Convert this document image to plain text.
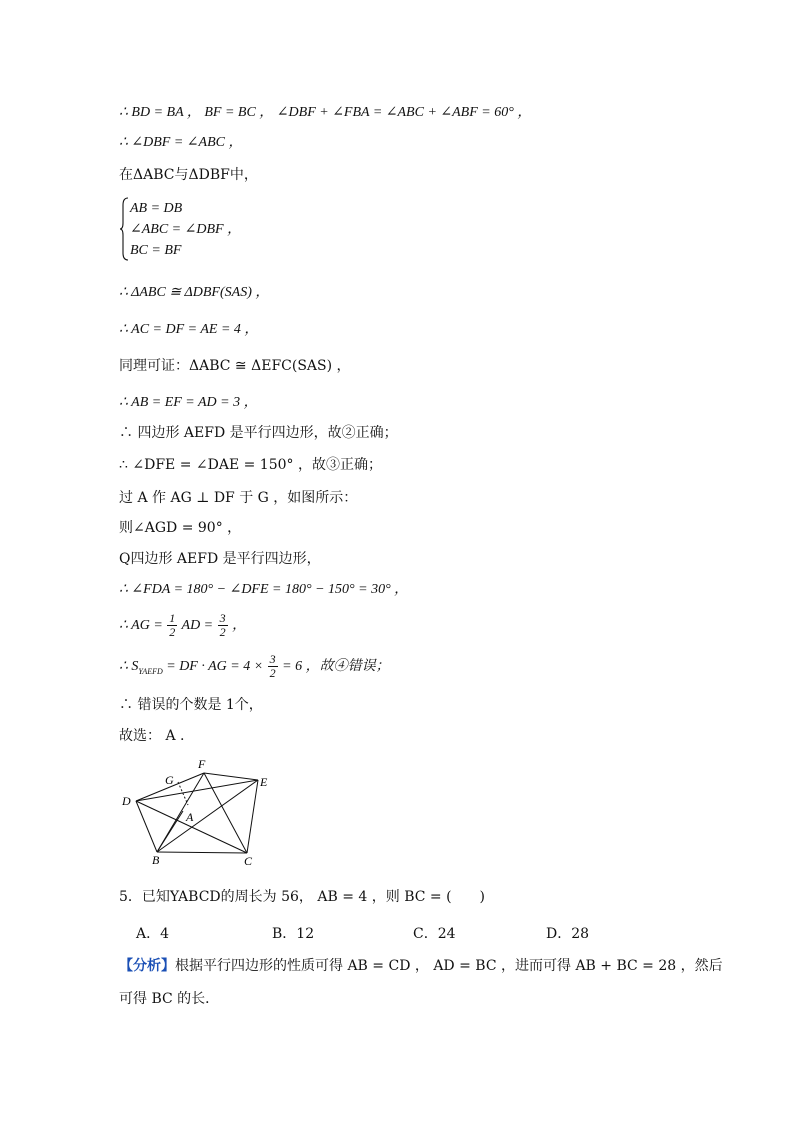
∴ BD = BA ， BF = BC ， ∠DBF + ∠FBA = ∠ABC + ∠ABF = 60° ，
∴ ∠DBF = ∠ABC ，
在ΔABC与ΔDBF中，
AB = DB
∠ABC = ∠DBF ，
BC = BF
∴ ΔABC ≅ ΔDBF(SAS) ，
∴ AC = DF = AE = 4 ，
同理可证：ΔABC ≅ ΔEFC(SAS) ，
∴ AB = EF = AD = 3 ，
∴ 四边形 AEFD 是平行四边形，故②正确；
∴ ∠DFE = ∠DAE = 150° ，故③正确；
过 A 作 AG ⊥ DF 于 G ，如图所示：
则∠AGD = 90° ，
Q四边形 AEFD 是平行四边形，
∴ ∠FDA = 180° − ∠DFE = 180° − 150° = 30° ，
∴ AG = $\frac{1}{2}$ AD = $\frac{3}{2}$ ，
∴ $S_{YAEFD}$ = DF · AG = $4 \times \frac{3}{2} = 6$ ，故④错误；
∴ 错误的个数是 1个，
故选： A .
D
G
F
E
A
B	C
5．已知YABCD的周长为 56， AB = 4 ，则 BC = (　　)
A．4	B．12	C．24	D．28
【分析】根据平行四边形的性质可得 AB = CD ， AD = BC ，进而可得 AB + BC = 28 ，然后
可得 BC 的长．
